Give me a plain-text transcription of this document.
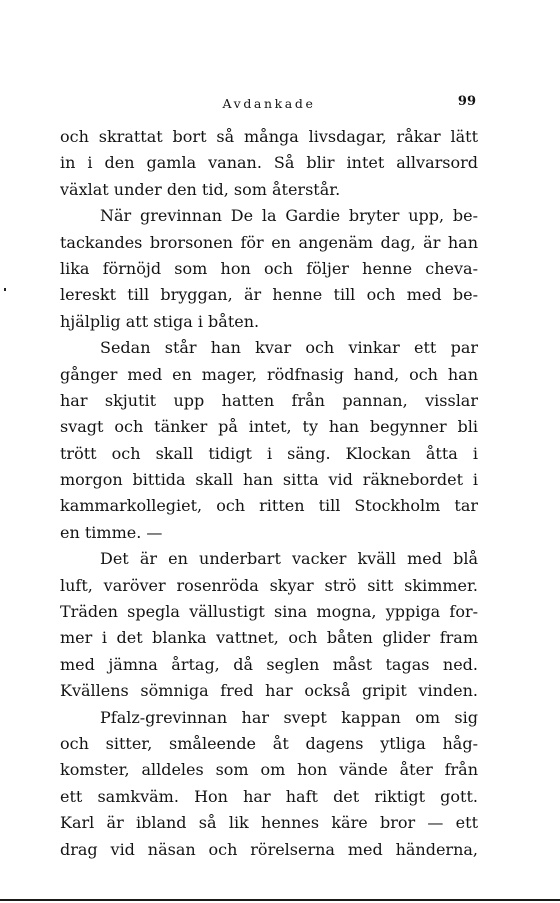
Avdankade	99
och skrattat bort så många livsdagar, råkar lätt
in i den gamla vanan. Så blir intet allvarsord
växlat under den tid, som återstår.
När grevinnan De la Gardie bryter upp, be-
tackandes brorsonen för en angenäm dag, är han
lika förnöjd som hon och följer henne cheva-
lereskt till bryggan, är henne till och med be-
hjälplig att stiga i båten.
Sedan står han kvar och vinkar ett par
gånger med en mager, rödfnasig hand, och han
har skjutit upp hatten från pannan, visslar
svagt och tänker på intet, ty han begynner bli
trött och skall tidigt i säng. Klockan åtta i
morgon bittida skall han sitta vid räknebordet i
kammarkollegiet, och ritten till Stockholm tar
en timme. —
Det är en underbart vacker kväll med blå
luft, varöver rosenröda skyar strö sitt skimmer.
Träden spegla vällustigt sina mogna, yppiga for-
mer i det blanka vattnet, och båten glider fram
med jämna årtag, då seglen måst tagas ned.
Kvällens sömniga fred har också gripit vinden.
Pfalz-grevinnan har svept kappan om sig
och sitter, småleende åt dagens ytliga håg-
komster, alldeles som om hon vände åter från
ett samkväm. Hon har haft det riktigt gott.
Karl är ibland så lik hennes käre bror — ett
drag vid näsan och rörelserna med händerna,
